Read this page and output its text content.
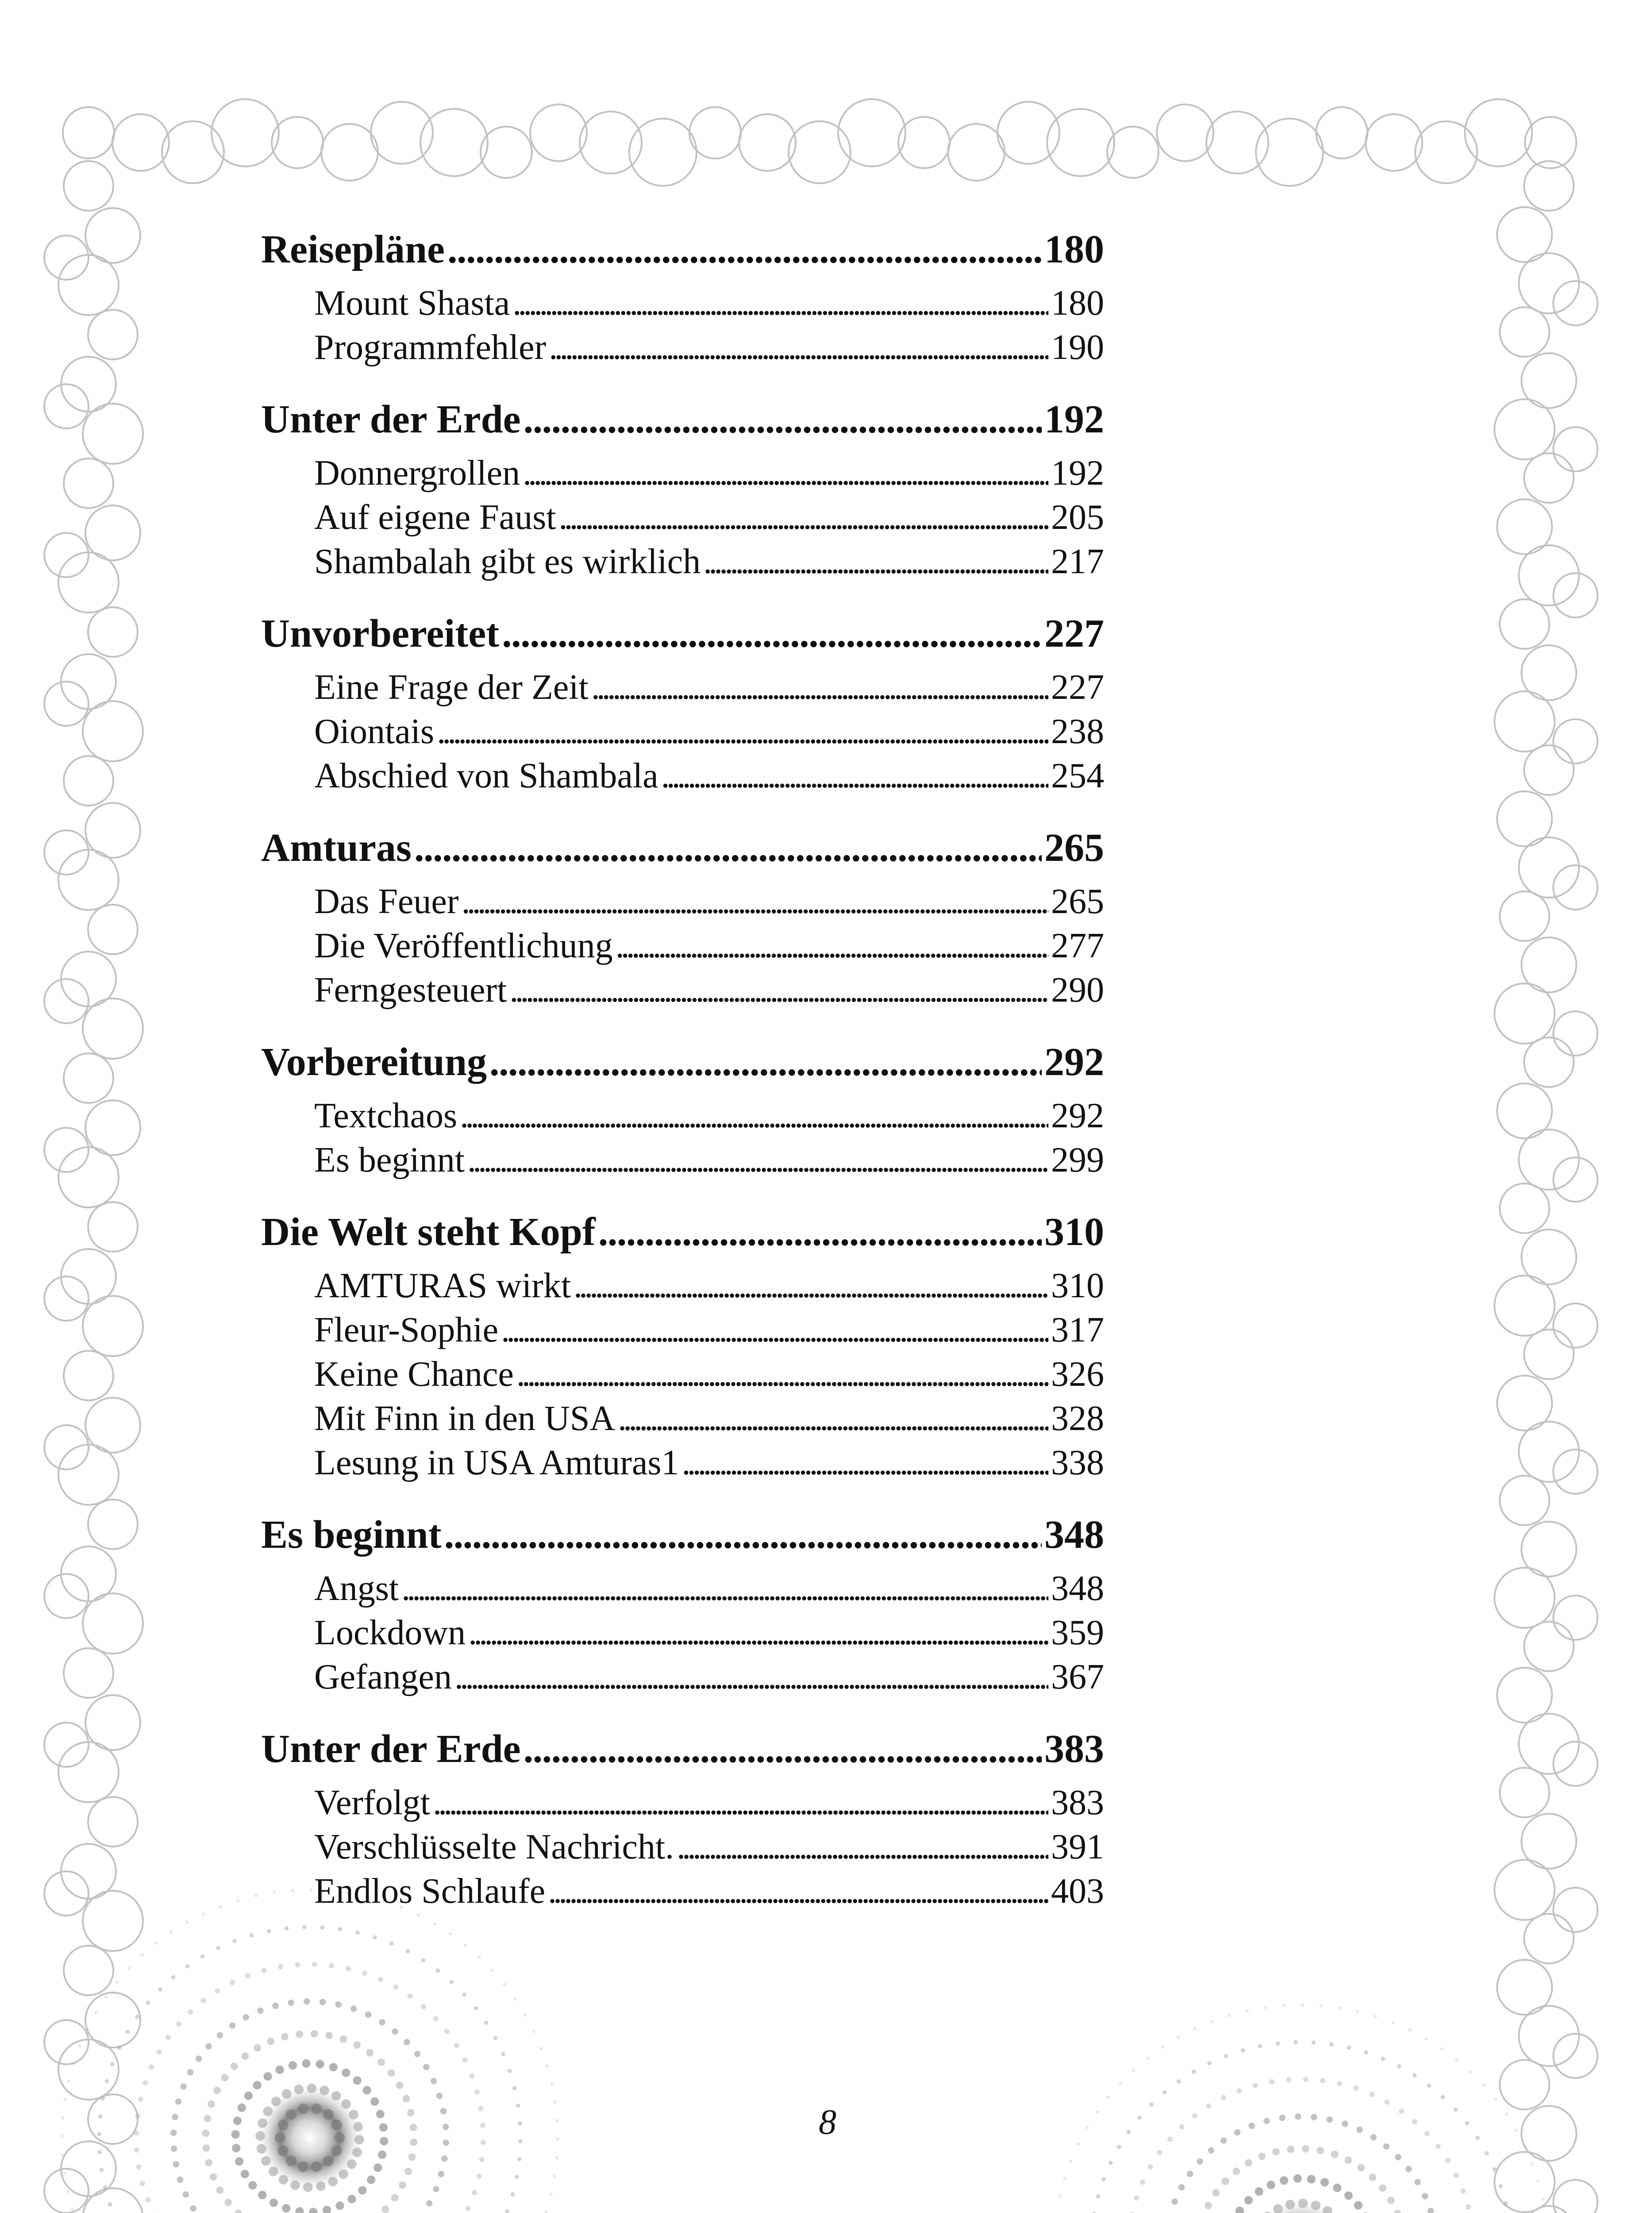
Reisepläne . . .	180
Mount Shasta . . .	180
Programmfehler . . .	190
Unter der Erde . . .	192
Donnergrollen . . .	192
Auf eigene Faust . . .	205
Shambalah gibt es wirklich . . .	217
Unvorbereitet . . .	227
Eine Frage der Zeit . . .	227
Oiontais . . .	238
Abschied von Shambala . . .	254
Amturas . . .	265
Das Feuer . . .	265
Die Veröffentlichung . . .	277
Ferngesteuert . . .	290
Vorbereitung . . .	292
Textchaos . . .	292
Es beginnt . . .	299
Die Welt steht Kopf . . .	310
AMTURAS wirkt . . .	310
Fleur-Sophie . . .	317
Keine Chance . . .	326
Mit Finn in den USA . . .	328
Lesung in USA Amturas1 . . .	338
Es beginnt . . .	348
Angst . . .	348
Lockdown . . .	359
Gefangen . . .	367
Unter der Erde . . .	383
Verfolgt . . .	383
Verschlüsselte Nachricht. . . .	391
Endlos Schlaufe . . .	403
8
